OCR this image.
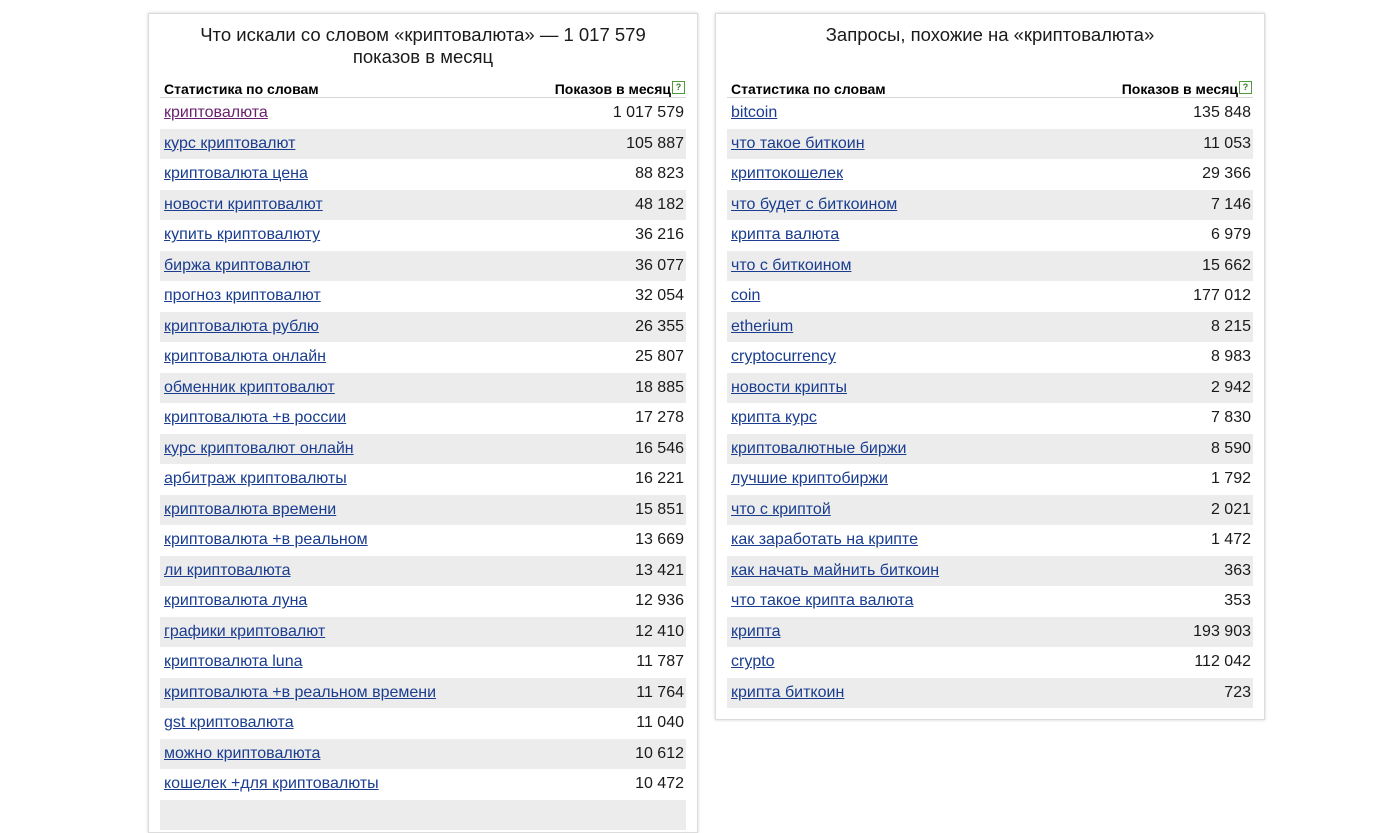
Что искали со словом «криптовалюта» — 1 017 579 показов в месяц
Статистика по словам	Показов в месяц ?
криптовалюта	1 017 579
курс криптовалют	105 887
криптовалюта цена	88 823
новости криптовалют	48 182
купить криптовалюту	36 216
биржа криптовалют	36 077
прогноз криптовалют	32 054
криптовалюта рублю	26 355
криптовалюта онлайн	25 807
обменник криптовалют	18 885
криптовалюта +в россии	17 278
курс криптовалют онлайн	16 546
арбитраж криптовалюты	16 221
криптовалюта времени	15 851
криптовалюта +в реальном	13 669
ли криптовалюта	13 421
криптовалюта луна	12 936
графики криптовалют	12 410
криптовалюта luna	11 787
криптовалюта +в реальном времени	11 764
gst криптовалюта	11 040
можно криптовалюта	10 612
кошелек +для криптовалюты	10 472
Запросы, похожие на «криптовалюта»
Статистика по словам	Показов в месяц ?
bitcoin	135 848
что такое биткоин	11 053
криптокошелек	29 366
что будет с биткоином	7 146
крипта валюта	6 979
что с биткоином	15 662
coin	177 012
etherium	8 215
cryptocurrency	8 983
новости крипты	2 942
крипта курс	7 830
криптовалютные биржи	8 590
лучшие криптобиржи	1 792
что с криптой	2 021
как заработать на крипте	1 472
как начать майнить биткоин	363
что такое крипта валюта	353
крипта	193 903
crypto	112 042
крипта биткоин	723
